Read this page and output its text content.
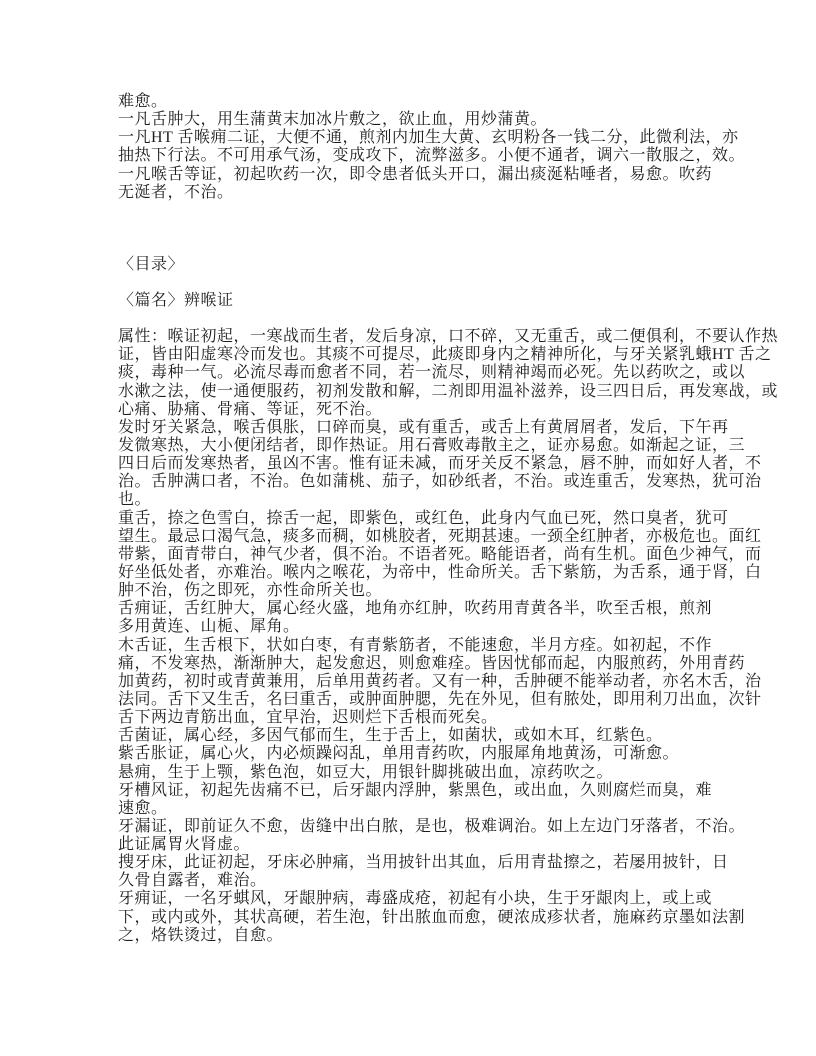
难愈。
一凡舌肿大，用生蒲黄末加冰片敷之，欲止血，用炒蒲黄。
一凡HT 舌喉痈二证，大便不通，煎剂内加生大黄、玄明粉各一钱二分，此微利法，亦
抽热下行法。不可用承气汤，变成攻下，流弊滋多。小便不通者，调六一散服之，效。
一凡喉舌等证，初起吹药一次，即令患者低头开口，漏出痰涎粘唾者，易愈。吹药
无涎者，不治。
〈目录〉
〈篇名〉辨喉证
属性：喉证初起，一寒战而生者，发后身凉，口不碎，又无重舌，或二便俱利，不要认作热
证，皆由阳虚寒冷而发也。其痰不可提尽，此痰即身内之精神所化，与牙关紧乳蛾HT 舌之
痰，毒种一气。必流尽毒而愈者不同，若一流尽，则精神竭而必死。先以药吹之，或以
水漱之法，使一通便服药，初剂发散和解，二剂即用温补滋养，设三四日后，再发寒战，或
心痛、胁痛、骨痛、等证，死不治。
发时牙关紧急，喉舌俱胀，口碎而臭，或有重舌，或舌上有黄屑屑者，发后，下午再
发微寒热，大小便闭结者，即作热证。用石膏败毒散主之，证亦易愈。如渐起之证，三
四日后而发寒热者，虽凶不害。惟有证未减，而牙关反不紧急，唇不肿，而如好人者，不
治。舌肿满口者，不治。色如蒲桃、茄子，如砂纸者，不治。或连重舌，发寒热，犹可治
也。
重舌，捺之色雪白，捺舌一起，即紫色，或红色，此身内气血已死，然口臭者，犹可
望生。最忌口渴气急，痰多而稠，如桃胶者，死期甚速。一颈全红肿者，亦极危也。面红
带紫，面青带白，神气少者，俱不治。不语者死。略能语者，尚有生机。面色少神气，而
好坐低处者，亦难治。喉内之喉花，为帝中，性命所关。舌下紫筋，为舌系，通于肾，白
肿不治，伤之即死，亦性命所关也。
舌痈证，舌红肿大，属心经火盛，地角亦红肿，吹药用青黄各半，吹至舌根，煎剂
多用黄连、山栀、犀角。
木舌证，生舌根下，状如白枣，有青紫筋者，不能速愈，半月方痊。如初起，不作
痛，不发寒热，渐渐肿大，起发愈迟，则愈难痊。皆因忧郁而起，内服煎药，外用青药
加黄药，初时或青黄兼用，后单用黄药者。又有一种，舌肿硬不能举动者，亦名木舌，治
法同。舌下又生舌，名曰重舌，或肿面肿腮，先在外见，但有脓处，即用利刀出血，次针
舌下两边青筋出血，宜早治，迟则烂下舌根而死矣。
舌菌证，属心经，多因气郁而生，生于舌上，如菌状，或如木耳，红紫色。
紫舌胀证，属心火，内必烦躁闷乱，单用青药吹，内服犀角地黄汤，可渐愈。
悬痈，生于上颚，紫色泡，如豆大，用银针脚挑破出血，凉药吹之。
牙槽风证，初起先齿痛不已，后牙龈内浮肿，紫黑色，或出血，久则腐烂而臭，难
速愈。
牙漏证，即前证久不愈，齿缝中出白脓，是也，极难调治。如上左边门牙落者，不治。
此证属胃火肾虚。
搜牙床，此证初起，牙床必肿痛，当用披针出其血，后用青盐擦之，若屡用披针，日
久骨自露者，难治。
牙痈证，一名牙蜞风，牙龈肿病，毒盛成疮，初起有小块，生于牙龈肉上，或上或
下，或内或外，其状高硬，若生泡，针出脓血而愈，硬浓成疹状者，施麻药京墨如法割
之，烙铁烫过，自愈。
